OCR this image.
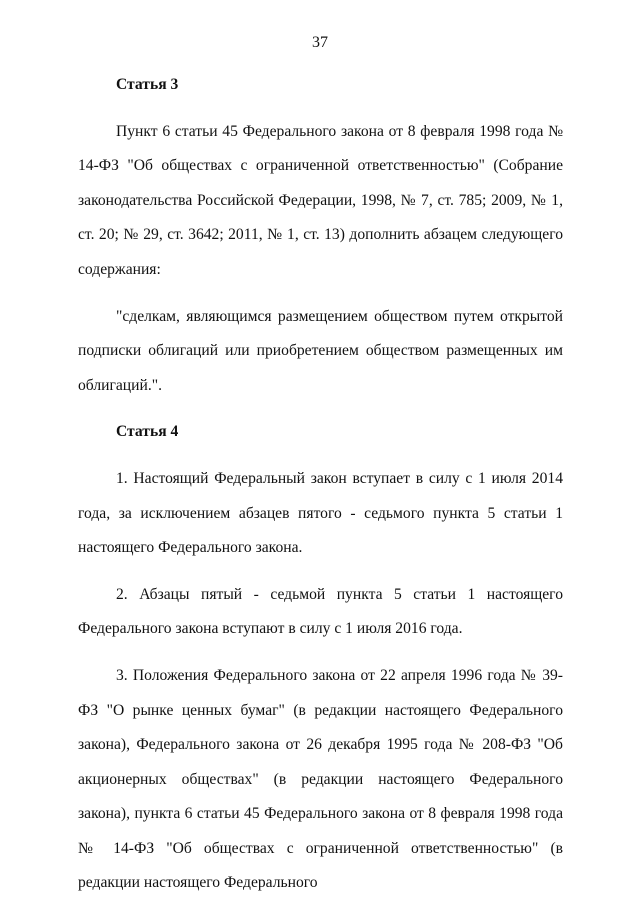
37

Статья 3

Пункт 6 статьи 45 Федерального закона от 8 февраля 1998 года № 14-ФЗ "Об обществах с ограниченной ответственностью" (Собрание законодательства Российской Федерации, 1998, № 7, ст. 785; 2009, № 1, ст. 20; № 29, ст. 3642; 2011, № 1, ст. 13) дополнить абзацем следующего содержания:

"сделкам, являющимся размещением обществом путем открытой подписки облигаций или приобретением обществом размещенных им облигаций.".

Статья 4

1. Настоящий Федеральный закон вступает в силу с 1 июля 2014 года, за исключением абзацев пятого - седьмого пункта 5 статьи 1 настоящего Федерального закона.

2. Абзацы пятый - седьмой пункта 5 статьи 1 настоящего Федерального закона вступают в силу с 1 июля 2016 года.

3. Положения Федерального закона от 22 апреля 1996 года № 39-ФЗ "О рынке ценных бумаг" (в редакции настоящего Федерального закона), Федерального закона от 26 декабря 1995 года № 208-ФЗ "Об акционерных обществах" (в редакции настоящего Федерального закона), пункта 6 статьи 45 Федерального закона от 8 февраля 1998 года № 14-ФЗ "Об обществах с ограниченной ответственностью" (в редакции настоящего Федерального
